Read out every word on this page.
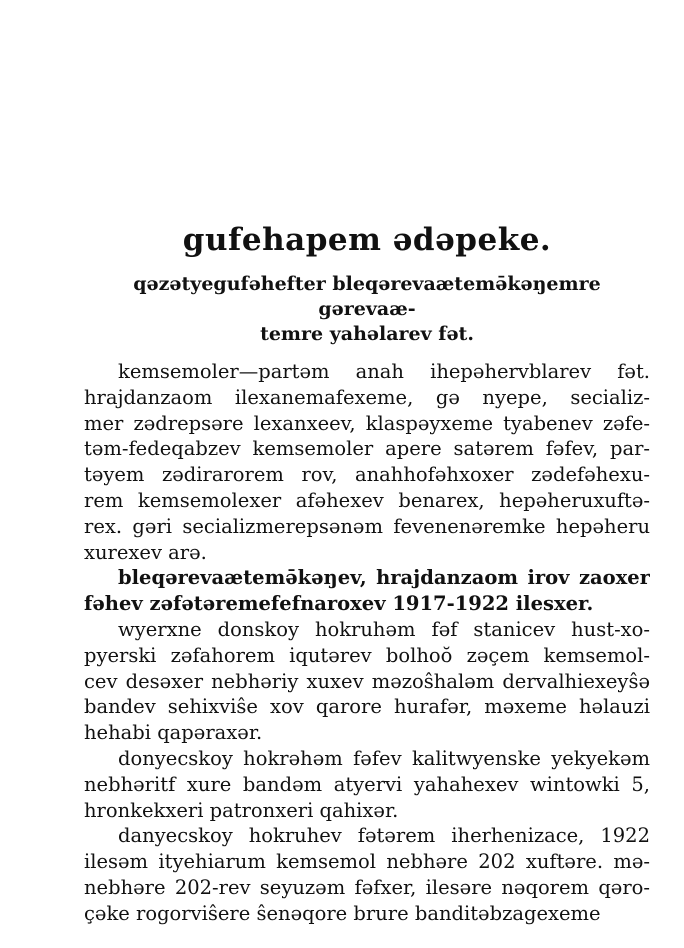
gufehapem ədəpeke.
qəzətyegufəhefter bleqərevaætemə̄kəŋemre gərevaæ-
temre yahəlarev fət.
kemsemoler—partəm anah ihepəhervblarev fət.
hrajdanzaom ilexanemafexeme, gə nyepe, secializ-
mer zədrepsəre lexanxeev, klaspəyxeme tyabenev zəfe-
təm-fedeqabzev kemsemoler apere satərem fəfev, par-
təyem zədirarorem rov, anahhofəhxoxer zədefəhexu-
rem kemsemolexer afəhexev benarex, hepəheruxuftə-
rex. gəri secializmerepsənəm fevenenəremke hepəheru
xurexev arə.
bleqərevaætemə̄kəŋev, hrajdanzaom irov zaoxer
fəhev zəfətəremefefnaroxev 1917-1922 ilesxer.
wyerxne donskoy hokruhəm fəf stanicev hust-xo-
pyerski zəfahorem iqutərev bolhoŏ zəçem kemsemol-
cev desəxer nebhəriy xuxev məzoŝhaləm dervalhiexeyŝə
bandev sehixviŝe xov qarore hurafər, məxeme həlauzi
hehabi qapəraxər.
donyecskoy hokrəhəm fəfev kalitwyenske yekyekəm
nebhəritf xure bandəm atyervi yahahexev wintowki 5,
hronkekxeri patronxeri qahixər.
danyecskoy hokruhev fətərem iherhenizace, 1922
ilesəm ityehiarum kemsemol nebhəre 202 xuftəre. mə-
nebhəre 202-rev seyuzəm fəfxer, ilesəre nəqorem qəro-
çəke rogorviŝere ŝenəqore brure banditəbzagexeme
